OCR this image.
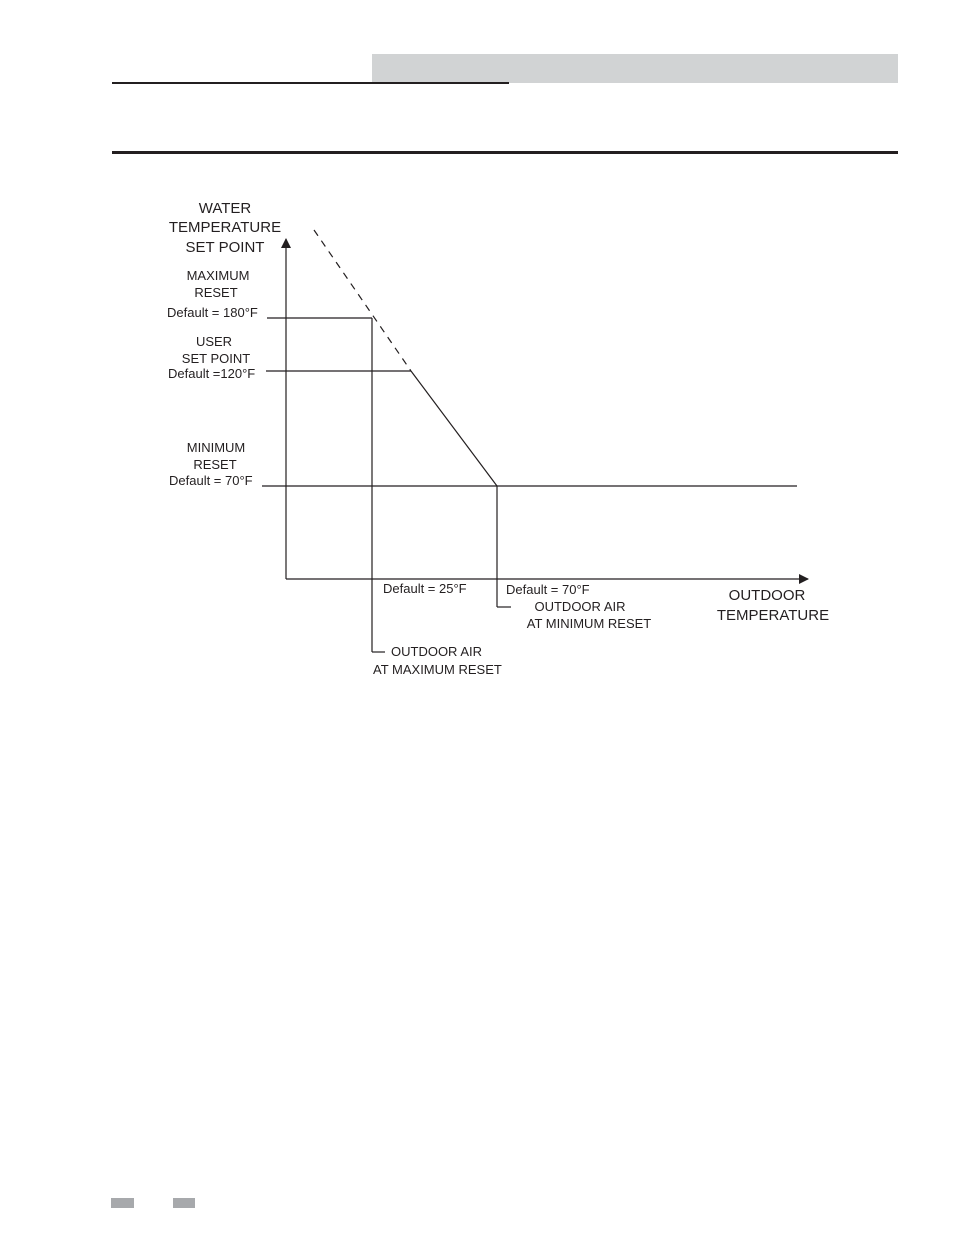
WATER
TEMPERATURE
SET POINT
MAXIMUM
RESET
Default = 180°F
USER
SET POINT
Default =120°F
MINIMUM
RESET
Default = 70°F
Default = 25°F
OUTDOOR AIR
AT MAXIMUM RESET
Default = 70°F
OUTDOOR AIR
AT MINIMUM RESET
OUTDOOR
TEMPERATURE
